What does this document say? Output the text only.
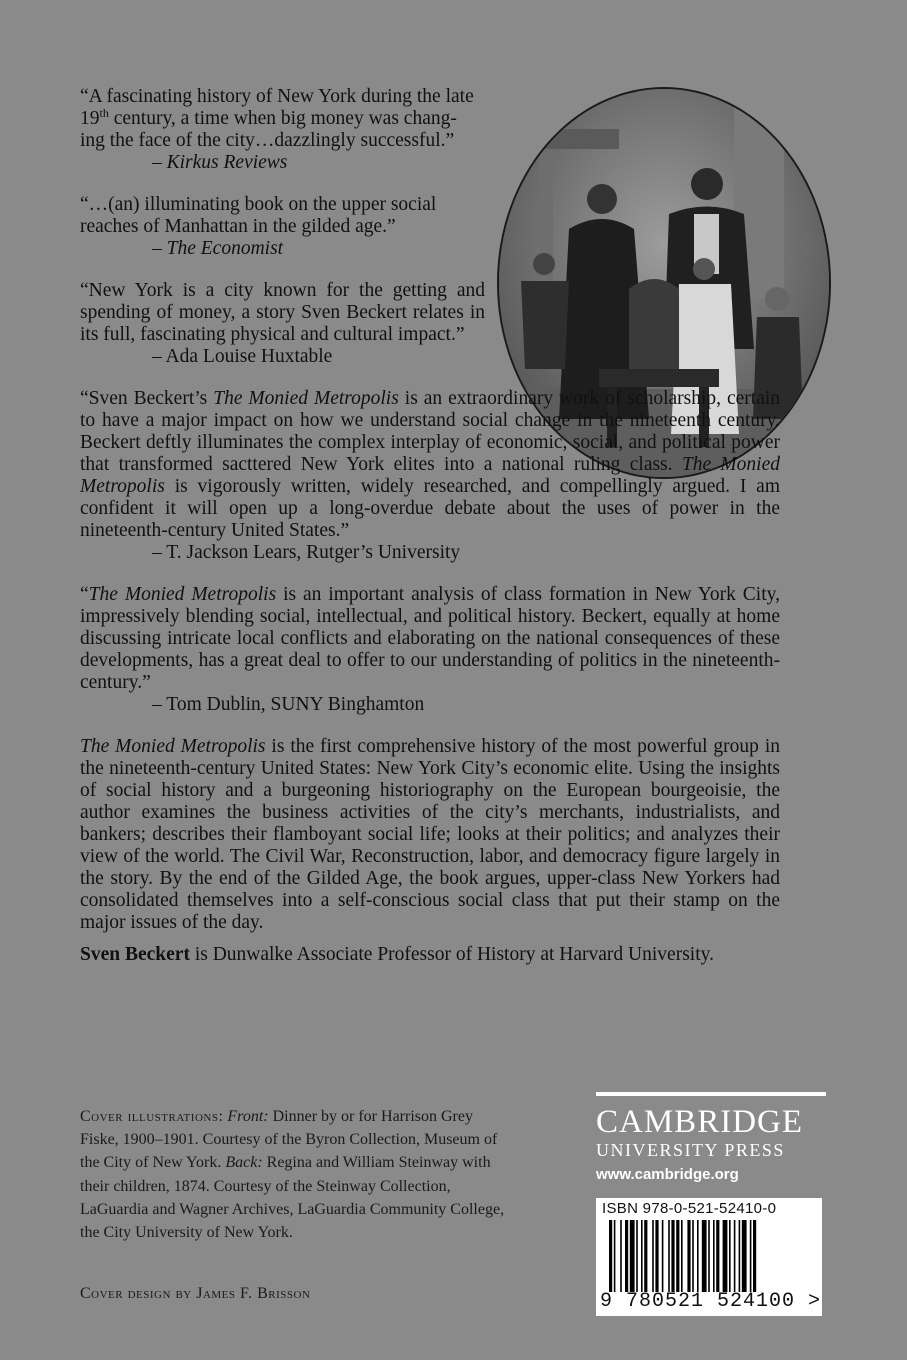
“A fascinating history of New York during the late
19th century, a time when big money was chang-
ing the face of the city…dazzlingly successful.”

– Kirkus Reviews

“…(an) illuminating book on the upper social reaches of Manhattan in the gilded age.”

– The Economist

“New York is a city known for the getting and spending of money, a story Sven Beckert relates in its full, fascinating physical and cultural impact.”

– Ada Louise Huxtable

“Sven Beckert’s The Monied Metropolis is an extraordinary work of scholarship, certain to have a major impact on how we understand social change in the nineteenth century. Beckert deftly illuminates the complex interplay of economic, social, and political power that transformed sacttered New York elites into a national ruling class. The Monied Metropolis is vigorously written, widely researched, and compellingly argued. I am confident it will open up a long-overdue debate about the uses of power in the nineteenth-century United States.”

– T. Jackson Lears, Rutger’s University

“The Monied Metropolis is an important analysis of class formation in New York City, impressively blending social, intellectual, and political history. Beckert, equally at home discussing intricate local conflicts and elaborating on the national consequences of these developments, has a great deal to offer to our understanding of politics in the nineteenth-century.”

– Tom Dublin, SUNY Binghamton

The Monied Metropolis is the first comprehensive history of the most powerful group in the nineteenth-century United States: New York City’s economic elite. Using the insights of social history and a burgeoning historiography on the European bourgeoisie, the author examines the business activities of the city’s merchants, industrialists, and bankers; describes their flamboyant social life; looks at their politics; and analyzes their view of the world. The Civil War, Reconstruction, labor, and democracy figure largely in the story. By the end of the Gilded Age, the book argues, upper-class New Yorkers had consolidated themselves into a self-conscious social class that put their stamp on the major issues of the day.

Sven Beckert is Dunwalke Associate Professor of History at Harvard University.

Cover illustrations: Front: Dinner by or for Harrison Grey Fiske, 1900–1901. Courtesy of the Byron Collection, Museum of the City of New York. Back: Regina and William Steinway with their children, 1874. Courtesy of the Steinway Collection, LaGuardia and Wagner Archives, LaGuardia Community College, the City University of New York.
Cover design by James F. Brisson
CAMBRIDGE
UNIVERSITY PRESS
www.cambridge.org
ISBN 978-0-521-52410-0
9 780521 524100 >
